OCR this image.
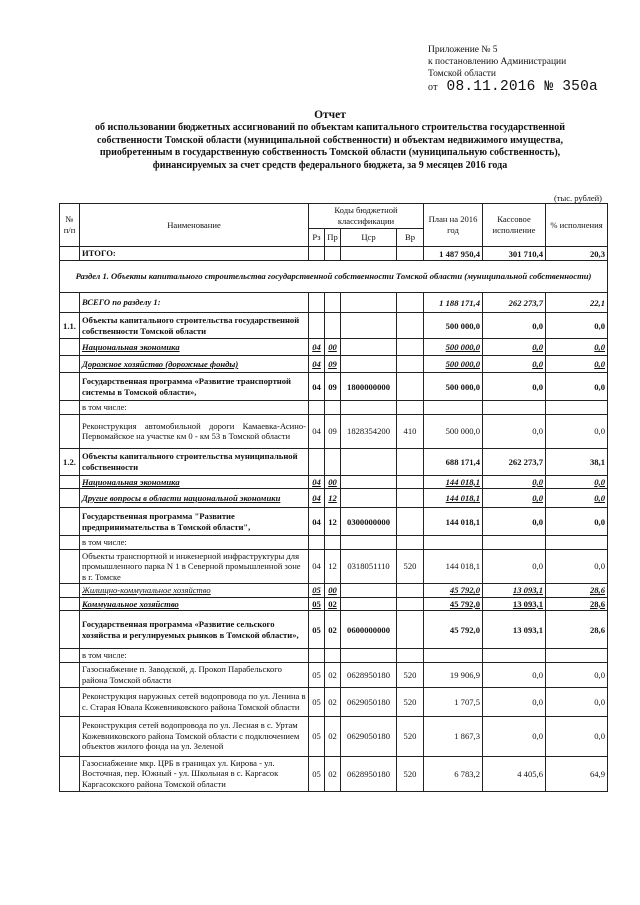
Приложение № 5
к постановлению Администрации
Томской области
от 08.11.2016 № 350а
Отчет
об использовании бюджетных ассигнований по объектам капитального строительства государственной
собственности Томской области (муниципальной собственности) и объектам недвижимого имущества,
приобретенным в государственную собственность Томской области (муниципальную собственность),
финансируемых за счет средств федерального бюджета, за 9 месяцев 2016 года
(тыс. рублей)
№ п/п	Наименование	Коды бюджетной классификации				План на 2016 год	Кассовое исполнение	% исполнения
		Рз	Пр	Цср	Вр			
	ИТОГО:					1 487 950,4	301 710,4	20,3
Раздел 1. Объекты капитального строительства государственной собственности Томской области (муниципальной собственности)								
	ВСЕГО по разделу 1:					1 188 171,4	262 273,7	22,1
1.1.	Объекты капитального строительства государственной собственности Томской области					500 000,0	0,0	0,0
	Национальная экономика	04	00			500 000,0	0,0	0,0
	Дорожное хозяйство (дорожные фонды)	04	09			500 000,0	0,0	0,0
	Государственная программа «Развитие транспортной системы в Томской области»,	04	09	1800000000		500 000,0	0,0	0,0
	в том числе:							
	Реконструкция автомобильной дороги Камаевка-Асино-Первомайское на участке км 0 - км 53 в Томской области	04	09	1828354200	410	500 000,0	0,0	0,0
1.2.	Объекты капитального строительства муниципальной собственности					688 171,4	262 273,7	38,1
	Национальная экономика	04	00			144 018,1	0,0	0,0
	Другие вопросы в области национальной экономики	04	12			144 018,1	0,0	0,0
	Государственная программа "Развитие предпринимательства в Томской области",	04	12	0300000000		144 018,1	0,0	0,0
	в том числе:							
	Объекты транспортной и инженерной инфраструктуры для промышленного парка N 1 в Северной промышленной зоне в г. Томске	04	12	0318051110	520	144 018,1	0,0	0,0
	Жилищно-коммунальное хозяйство	05	00			45 792,0	13 093,1	28,6
	Коммунальное хозяйство	05	02			45 792,0	13 093,1	28,6
	Государственная программа «Развитие сельского хозяйства и регулируемых рынков в Томской области»,	05	02	0600000000		45 792,0	13 093,1	28,6
	в том числе:							
	Газоснабжение п. Заводской, д. Прокоп Парабельского района Томской области	05	02	0628950180	520	19 906,9	0,0	0,0
	Реконструкция наружных сетей водопровода по ул. Ленина в с. Старая Ювала Кожевниковского района Томской области	05	02	0629050180	520	1 707,5	0,0	0,0
	Реконструкция сетей водопровода по ул. Лесная в с. Уртам Кожевниковского района Томской области с подключением объектов жилого фонда на ул. Зеленой	05	02	0629050180	520	1 867,3	0,0	0,0
	Газоснабжение мкр. ЦРБ в границах ул. Кирова - ул. Восточная, пер. Южный - ул. Школьная в с. Каргасок Каргасокского района Томской области	05	02	0628950180	520	6 783,2	4 405,6	64,9
